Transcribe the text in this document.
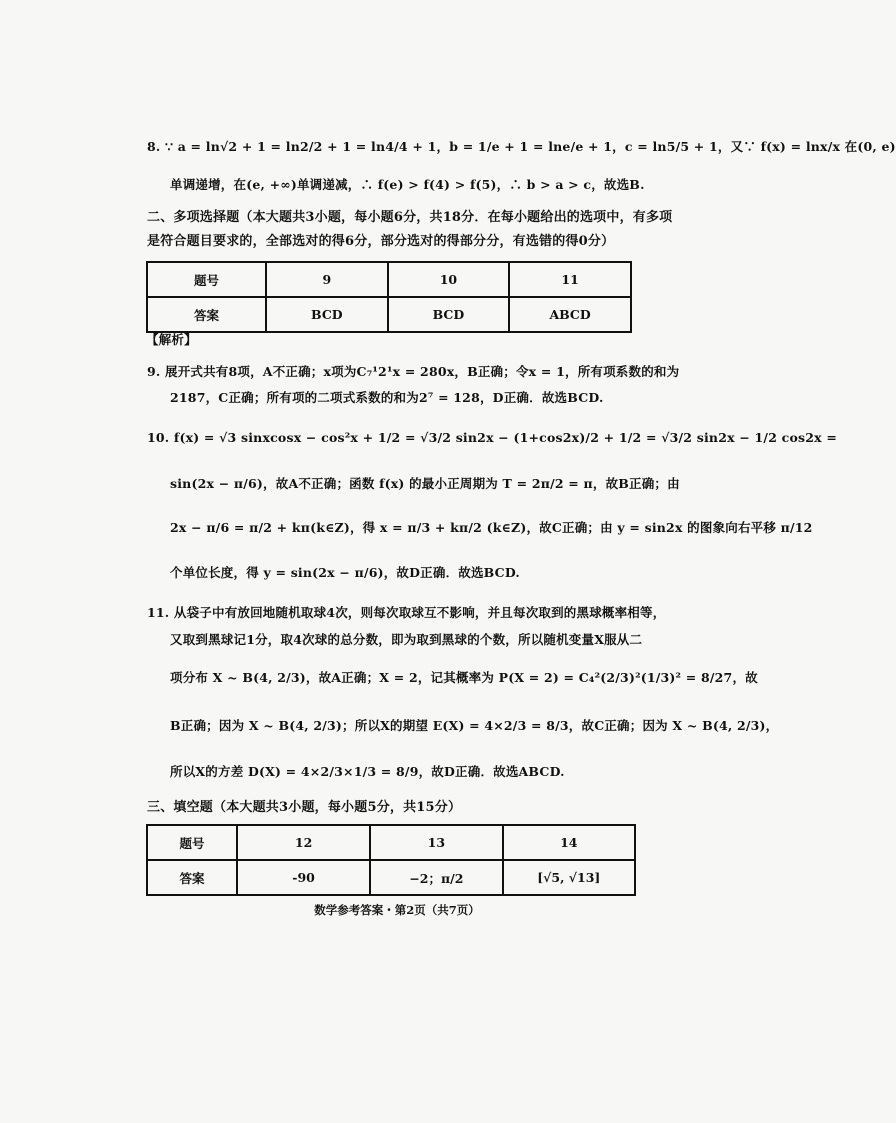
8. ∵ a = ln√2 + 1 = ln2/2 + 1 = ln4/4 + 1，b = 1/e + 1 = lne/e + 1，c = ln5/5 + 1，又∵ f(x) = lnx/x 在(0, e)
单调递增，在(e, +∞)单调递减，∴ f(e) > f(4) > f(5)，∴ b > a > c，故选B.
二、多项选择题（本大题共3小题，每小题6分，共18分．在每小题给出的选项中，有多项
是符合题目要求的，全部选对的得6分，部分选对的得部分分，有选错的得0分）
题号	9	10	11
答案	BCD	BCD	ABCD
【解析】
9. 展开式共有8项，A不正确；x项为C₇¹2¹x = 280x，B正确；令x = 1，所有项系数的和为
2187，C正确；所有项的二项式系数的和为2⁷ = 128，D正确．故选BCD.
10. f(x) = √3 sinxcosx − cos²x + 1/2 = √3/2 sin2x − (1+cos2x)/2 + 1/2 = √3/2 sin2x − 1/2 cos2x =
sin(2x − π/6)，故A不正确；函数 f(x) 的最小正周期为 T = 2π/2 = π，故B正确；由
2x − π/6 = π/2 + kπ(k∈Z)，得 x = π/3 + kπ/2 (k∈Z)，故C正确；由 y = sin2x 的图象向右平移 π/12
个单位长度，得 y = sin(2x − π/6)，故D正确．故选BCD.
11. 从袋子中有放回地随机取球4次，则每次取球互不影响，并且每次取到的黑球概率相等，
又取到黑球记1分，取4次球的总分数，即为取到黑球的个数，所以随机变量X服从二
项分布 X ~ B(4, 2/3)，故A正确；X = 2，记其概率为 P(X = 2) = C₄²(2/3)²(1/3)² = 8/27，故
B正确；因为 X ~ B(4, 2/3)；所以X的期望 E(X) = 4×2/3 = 8/3，故C正确；因为 X ~ B(4, 2/3)，
所以X的方差 D(X) = 4×2/3×1/3 = 8/9，故D正确．故选ABCD.
三、填空题（本大题共3小题，每小题5分，共15分）
题号	12	13	14
答案	-90	−2；π/2	[√5, √13]
数学参考答案・第2页（共7页）
